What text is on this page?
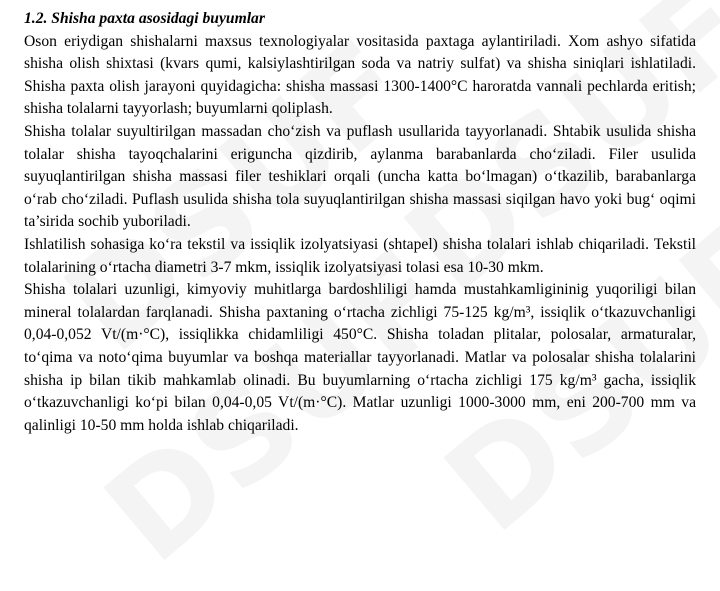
1.2. Shisha paxta asosidagi buyumlar

Oson eriydigan shishalarni maxsus texnologiyalar vositasida paxtaga aylantiriladi. Xom ashyo sifatida shisha olish shixtasi (kvars qumi, kalsiylashtirilgan soda va natriy sulfat) va shisha siniqlari ishlatiladi. Shisha paxta olish jarayoni quyidagicha: shisha massasi 1300-1400°C haroratda vannali pechlarda eritish; shisha tolalarni tayyorlash; buyumlarni qoliplash.

Shisha tolalar suyultirilgan massadan cho‘zish va puflash usullarida tayyorlanadi. Shtabik usulida shisha tolalar shisha tayoqchalarini eriguncha qizdirib, aylanma barabanlarda cho‘ziladi. Filer usulida suyuqlantirilgan shisha massasi filer teshiklari orqali (uncha katta bo‘lmagan) o‘tkazilib, barabanlarga o‘rab cho‘ziladi. Puflash usulida shisha tola suyuqlantirilgan shisha massasi siqilgan havo yoki bug‘ oqimi ta’sirida sochib yuboriladi.

Ishlatilish sohasiga ko‘ra tekstil va issiqlik izolyatsiyasi (shtapel) shisha tolalari ishlab chiqariladi. Tekstil tolalarining o‘rtacha diametri 3-7 mkm, issiqlik izolyatsiyasi tolasi esa 10-30 mkm.

Shisha tolalari uzunligi, kimyoviy muhitlarga bardoshliligi hamda mustahkamligininig yuqoriligi bilan mineral tolalardan farqlanadi. Shisha paxtaning o‘rtacha zichligi 75-125 kg/m³, issiqlik o‘tkazuvchanligi 0,04-0,052 Vt/(m·°C), issiqlikka chidamliligi 450°C. Shisha toladan plitalar, polosalar, armaturalar, to‘qima va noto‘qima buyumlar va boshqa materiallar tayyorlanadi. Matlar va polosalar shisha tolalarini shisha ip bilan tikib mahkamlab olinadi. Bu buyumlarning o‘rtacha zichligi 175 kg/m³ gacha, issiqlik o‘tkazuvchanligi ko‘pi bilan 0,04-0,05 Vt/(m·°C). Matlar uzunligi 1000-3000 mm, eni 200-700 mm va qalinligi 10-50 mm holda ishlab chiqariladi.
